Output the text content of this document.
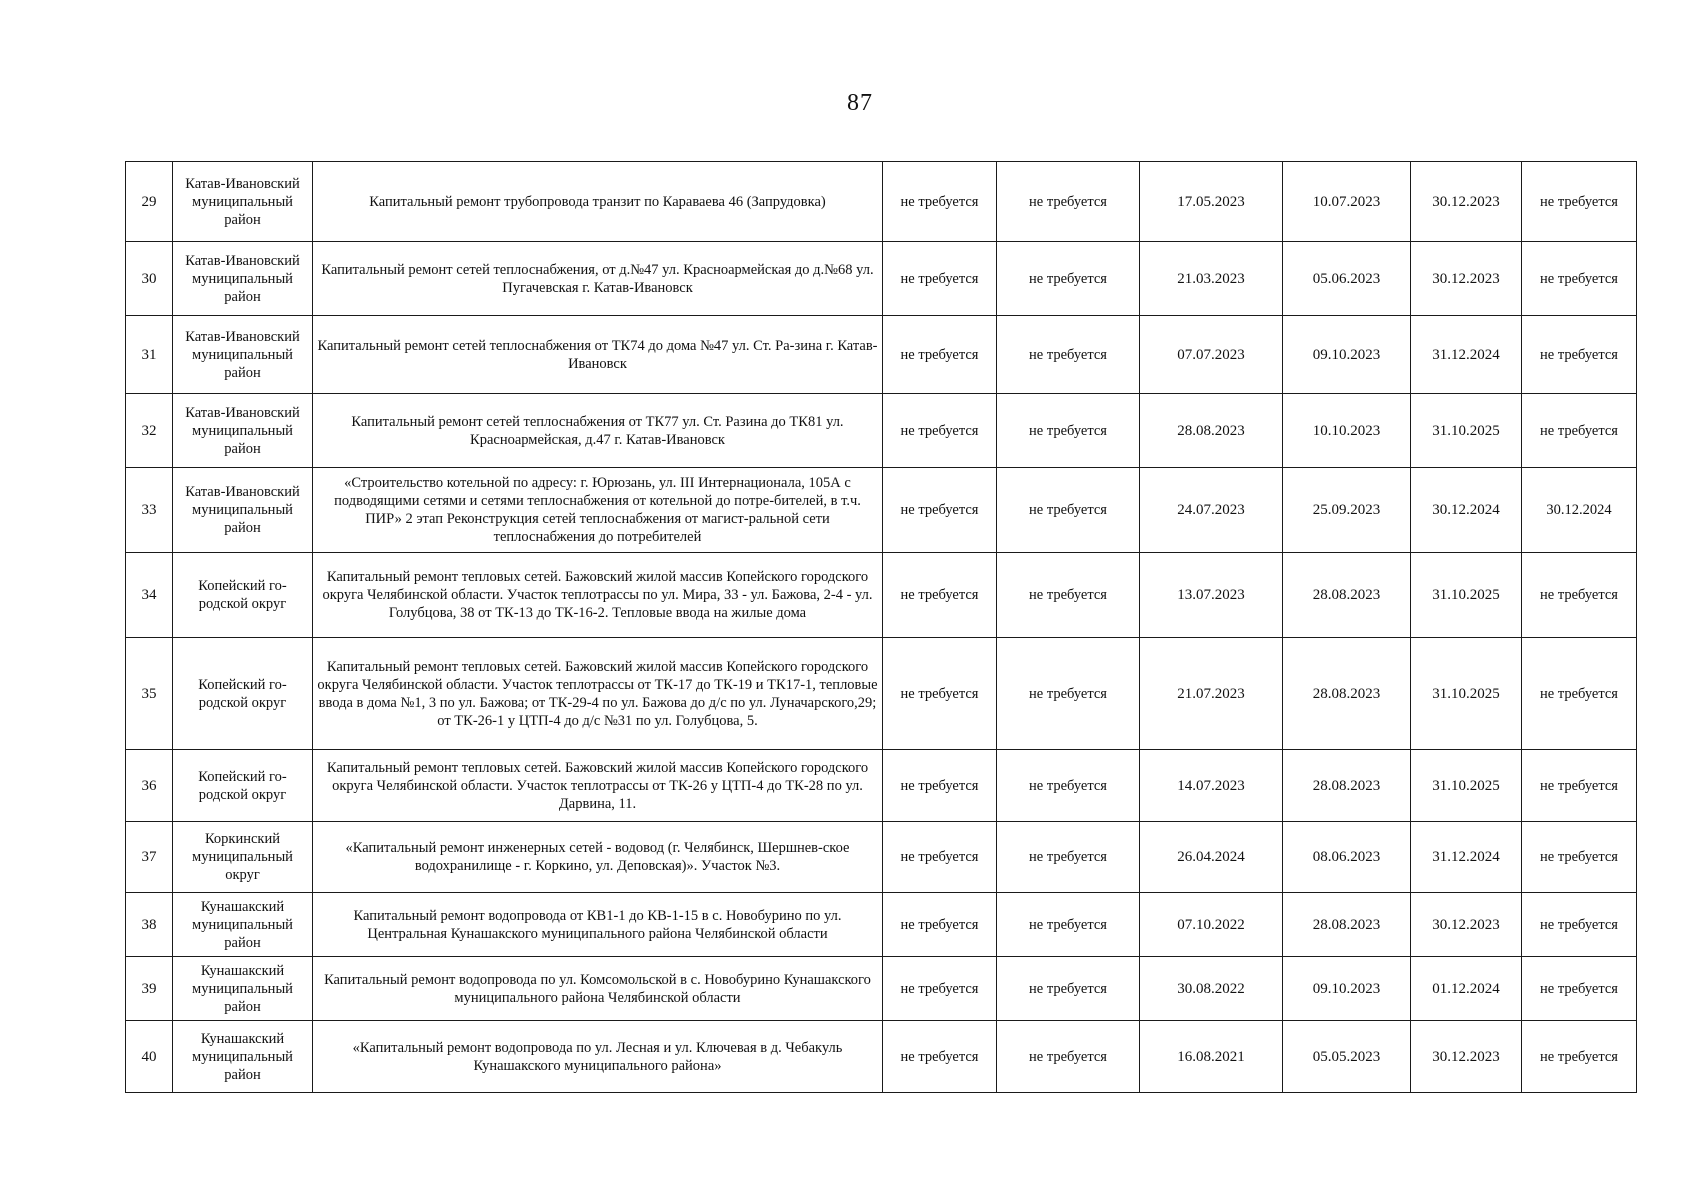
87
29	Катав-Ивановский муниципальный район	Капитальный ремонт трубопровода транзит по Караваева 46 (Запрудовка)	не требуется	не требуется	17.05.2023	10.07.2023	30.12.2023	не требуется
30	Катав-Ивановский муниципальный район	Капитальный ремонт сетей теплоснабжения, от д.№47 ул. Красноармейская до д.№68 ул. Пугачевская г. Катав-Ивановск	не требуется	не требуется	21.03.2023	05.06.2023	30.12.2023	не требуется
31	Катав-Ивановский муниципальный район	Капитальный ремонт сетей теплоснабжения от ТК74 до дома №47 ул. Ст. Ра-зина г. Катав-Ивановск	не требуется	не требуется	07.07.2023	09.10.2023	31.12.2024	не требуется
32	Катав-Ивановский муниципальный район	Капитальный ремонт сетей теплоснабжения от ТК77 ул. Ст. Разина до ТК81 ул. Красноармейская, д.47 г. Катав-Ивановск	не требуется	не требуется	28.08.2023	10.10.2023	31.10.2025	не требуется
33	Катав-Ивановский муниципальный район	«Строительство котельной по адресу: г. Юрюзань, ул. III Интернационала, 105А с подводящими сетями и сетями теплоснабжения от котельной до потре-бителей, в т.ч. ПИР» 2 этап Реконструкция сетей теплоснабжения от магист-ральной сети теплоснабжения до потребителей	не требуется	не требуется	24.07.2023	25.09.2023	30.12.2024	30.12.2024
34	Копейский го-родской округ	Капитальный ремонт тепловых сетей. Бажовский жилой массив Копейского городского округа Челябинской области. Участок теплотрассы по ул. Мира, 33 - ул. Бажова, 2-4 - ул. Голубцова, 38 от ТК-13 до ТК-16-2. Тепловые ввода на жилые дома	не требуется	не требуется	13.07.2023	28.08.2023	31.10.2025	не требуется
35	Копейский го-родской округ	Капитальный ремонт тепловых сетей. Бажовский жилой массив Копейского городского округа Челябинской области. Участок теплотрассы от ТК-17 до ТК-19 и ТК17-1, тепловые ввода в дома №1, 3 по ул. Бажова; от ТК-29-4 по ул. Бажова до д/с по ул. Луначарского,29; от ТК-26-1 у ЦТП-4 до д/с №31 по ул. Голубцова, 5.	не требуется	не требуется	21.07.2023	28.08.2023	31.10.2025	не требуется
36	Копейский го-родской округ	Капитальный ремонт тепловых сетей. Бажовский жилой массив Копейского городского округа Челябинской области. Участок теплотрассы от ТК-26 у ЦТП-4 до ТК-28 по ул. Дарвина, 11.	не требуется	не требуется	14.07.2023	28.08.2023	31.10.2025	не требуется
37	Коркинский муниципальный округ	«Капитальный ремонт инженерных сетей - водовод (г. Челябинск, Шершнев-ское водохранилище - г. Коркино, ул. Деповская)». Участок №3.	не требуется	не требуется	26.04.2024	08.06.2023	31.12.2024	не требуется
38	Кунашакский муниципальный район	Капитальный ремонт водопровода от КВ1-1 до КВ-1-15 в с. Новобурино по ул. Центральная Кунашакского муниципального района Челябинской области	не требуется	не требуется	07.10.2022	28.08.2023	30.12.2023	не требуется
39	Кунашакский муниципальный район	Капитальный ремонт водопровода по ул. Комсомольской в с. Новобурино Кунашакского муниципального района Челябинской области	не требуется	не требуется	30.08.2022	09.10.2023	01.12.2024	не требуется
40	Кунашакский муниципальный район	«Капитальный ремонт водопровода по ул. Лесная и ул. Ключевая в д. Чебакуль Кунашакского муниципального района»	не требуется	не требуется	16.08.2021	05.05.2023	30.12.2023	не требуется
